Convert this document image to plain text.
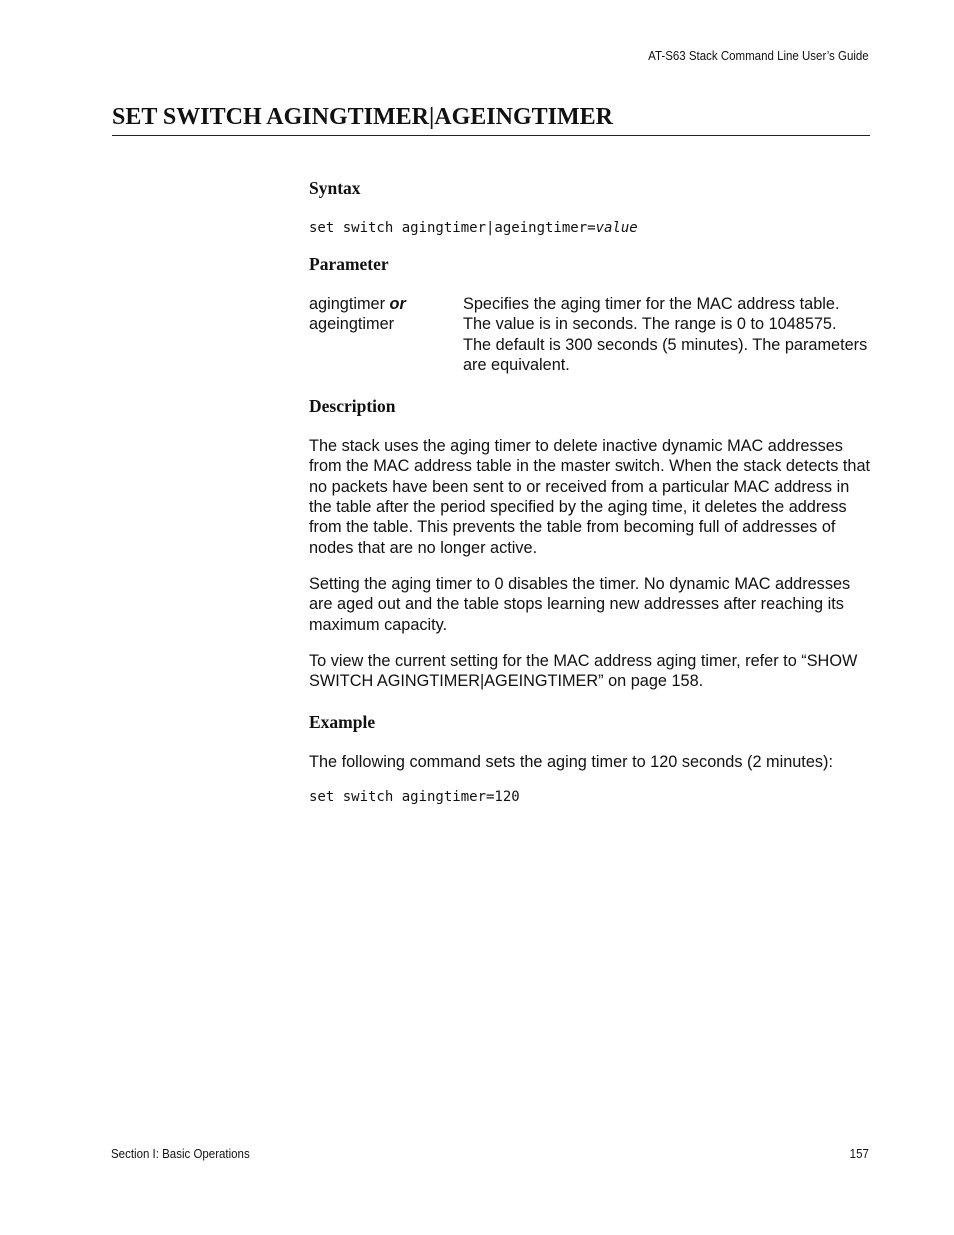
AT-S63 Stack Command Line User’s Guide
SET SWITCH AGINGTIMER|AGEINGTIMER
Syntax

set switch agingtimer|ageingtimer=value

Parameter
agingtimer or
ageingtimer
Specifies the aging timer for the MAC address table. The value is in seconds. The range is 0 to 1048575. The default is 300 seconds (5 minutes). The parameters are equivalent.
Description

The stack uses the aging timer to delete inactive dynamic MAC addresses from the MAC address table in the master switch. When the stack detects that no packets have been sent to or received from a particular MAC address in the table after the period specified by the aging time, it deletes the address from the table. This prevents the table from becoming full of addresses of nodes that are no longer active.

Setting the aging timer to 0 disables the timer. No dynamic MAC addresses are aged out and the table stops learning new addresses after reaching its maximum capacity.

To view the current setting for the MAC address aging timer, refer to “SHOW SWITCH AGINGTIMER|AGEINGTIMER” on page 158.

Example

The following command sets the aging timer to 120 seconds (2 minutes):

set switch agingtimer=120

Section I: Basic Operations	157
